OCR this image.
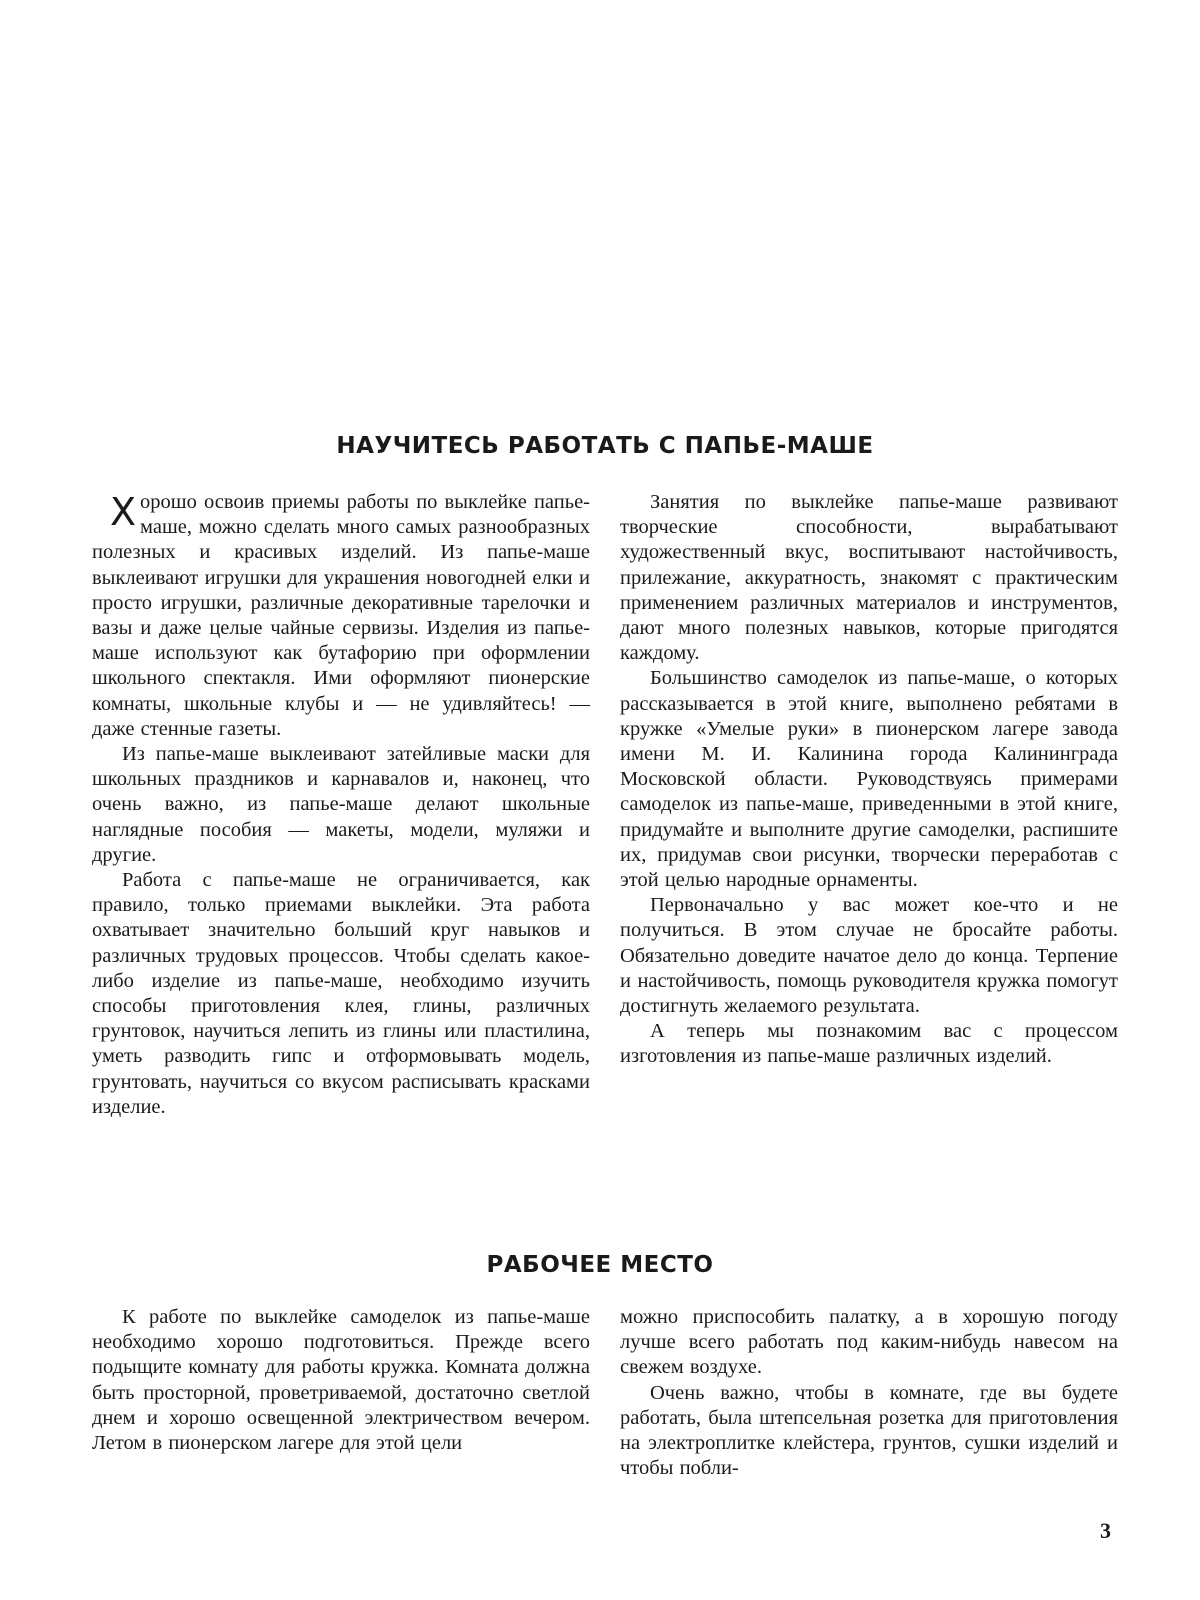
НАУЧИТЕСЬ РАБОТАТЬ С ПАПЬЕ-МАШЕ

Хорошо освоив приемы работы по выклейке папье-маше, можно сделать много самых разнообразных полезных и красивых изделий. Из папье-маше выклеивают игрушки для украшения новогодней елки и просто игрушки, различные декоративные тарелочки и вазы и даже целые чайные сервизы. Изделия из папье-маше используют как бутафорию при оформлении школьного спектакля. Ими оформляют пионерские комнаты, школьные клубы и — не удивляйтесь! — даже стенные газеты.

Из папье-маше выклеивают затейливые маски для школьных праздников и карнавалов и, наконец, что очень важно, из папье-маше делают школьные наглядные пособия — макеты, модели, муляжи и другие.

Работа с папье-маше не ограничивается, как правило, только приемами выклейки. Эта работа охватывает значительно больший круг навыков и различных трудовых процессов. Чтобы сделать какое-либо изделие из папье-маше, необходимо изучить способы приготовления клея, глины, различных грунтовок, научиться лепить из глины или пластилина, уметь разводить гипс и отформовывать модель, грунтовать, научиться со вкусом расписывать красками изделие.

Занятия по выклейке папье-маше развивают творческие способности, вырабатывают художественный вкус, воспитывают настойчивость, прилежание, аккуратность, знакомят с практическим применением различных материалов и инструментов, дают много полезных навыков, которые пригодятся каждому.

Большинство самоделок из папье-маше, о которых рассказывается в этой книге, выполнено ребятами в кружке «Умелые руки» в пионерском лагере завода имени М. И. Калинина города Калининграда Московской области. Руководствуясь примерами самоделок из папье-маше, приведенными в этой книге, придумайте и выполните другие самоделки, распишите их, придумав свои рисунки, творчески переработав с этой целью народные орнаменты.

Первоначально у вас может кое-что и не получиться. В этом случае не бросайте работы. Обязательно доведите начатое дело до конца. Терпение и настойчивость, помощь руководителя кружка помогут достигнуть желаемого результата.

А теперь мы познакомим вас с процессом изготовления из папье-маше различных изделий.

РАБОЧЕЕ МЕСТО

К работе по выклейке самоделок из папье-маше необходимо хорошо подготовиться. Прежде всего подыщите комнату для работы кружка. Комната должна быть просторной, проветриваемой, достаточно светлой днем и хорошо освещенной электричеством вечером. Летом в пионерском лагере для этой цели

можно приспособить палатку, а в хорошую погоду лучше всего работать под каким-нибудь навесом на свежем воздухе.

Очень важно, чтобы в комнате, где вы будете работать, была штепсельная розетка для приготовления на электроплитке клейстера, грунтов, сушки изделий и чтобы побли-

3
